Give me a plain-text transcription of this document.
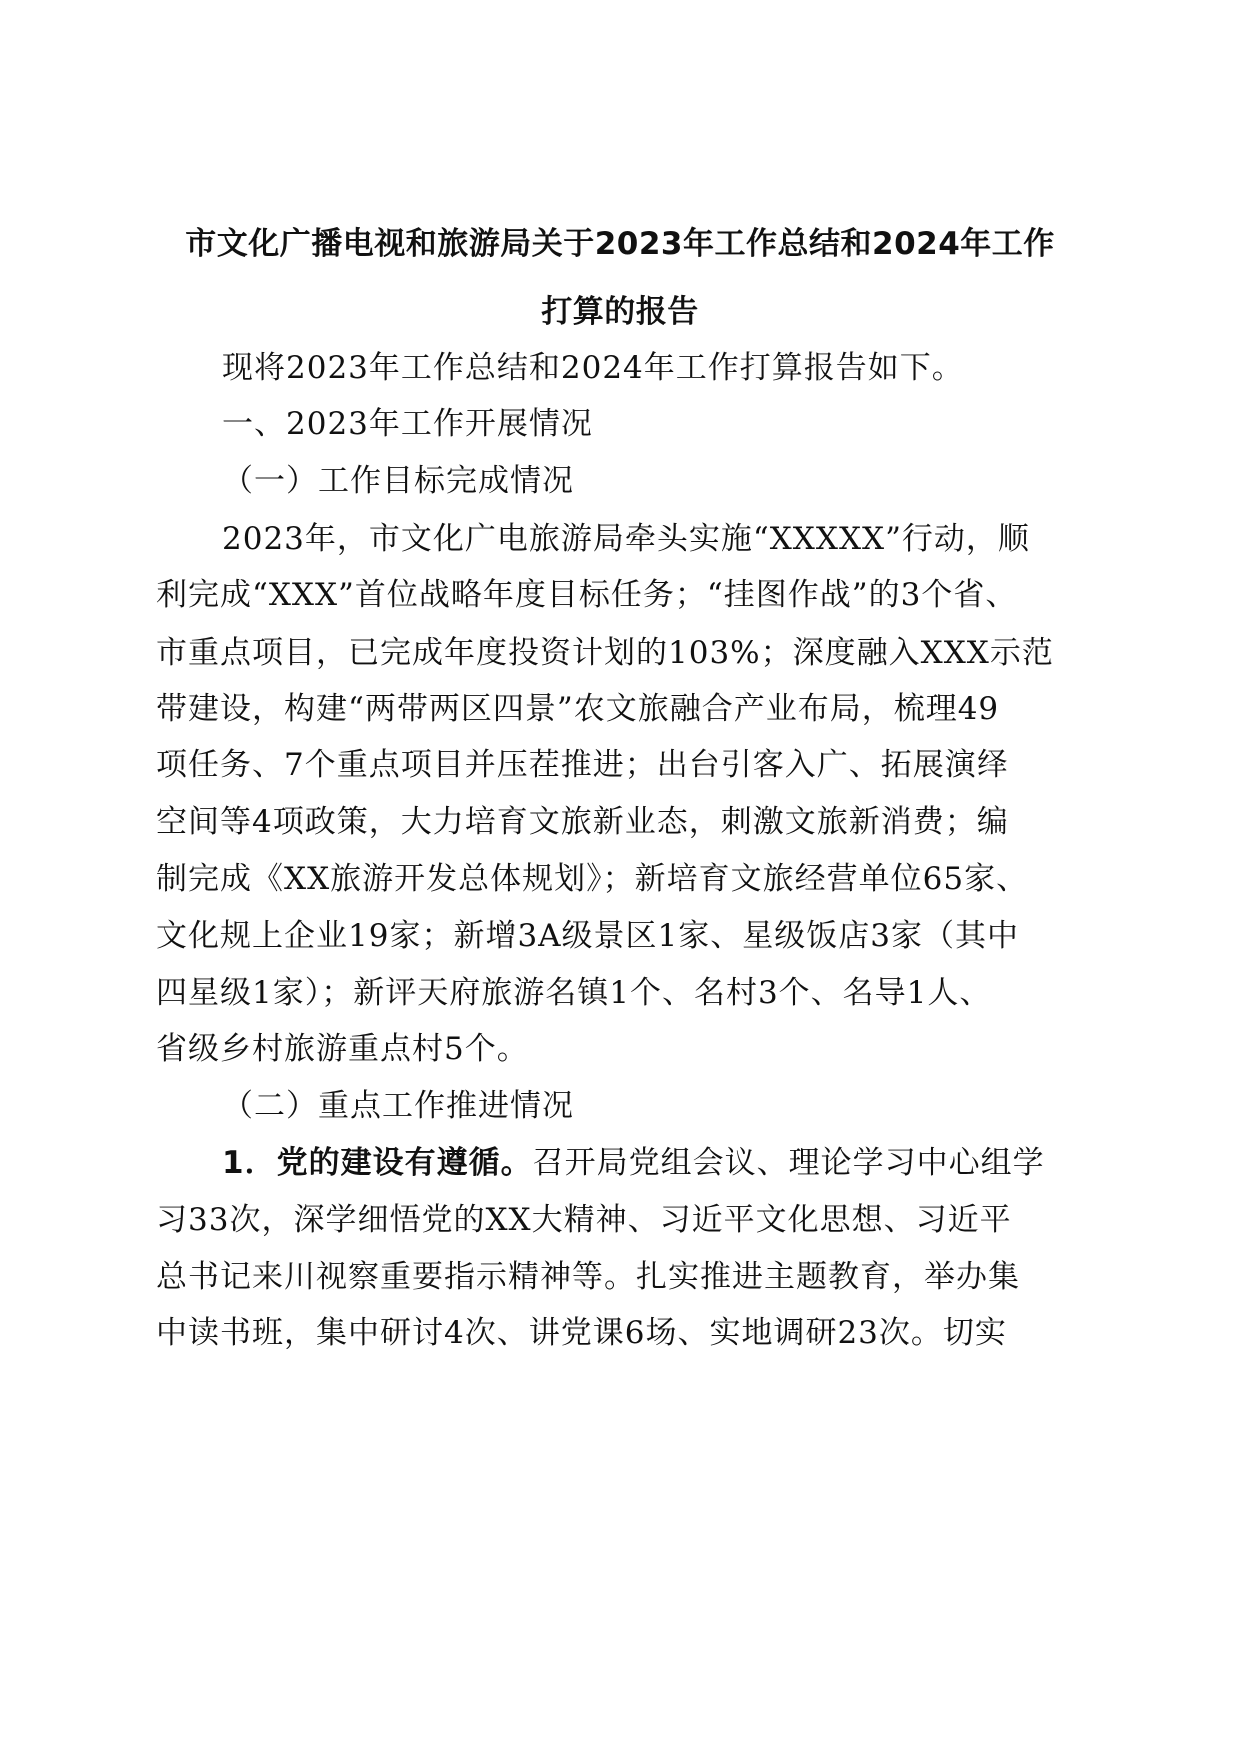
市文化广播电视和旅游局关于2023年工作总结和2024年工作
打算的报告
现将2023年工作总结和2024年工作打算报告如下。
一、2023年工作开展情况
（一）工作目标完成情况
2023年，市文化广电旅游局牵头实施“XXXXX”行动，顺
利完成“XXX”首位战略年度目标任务；“挂图作战”的3个省、
市重点项目，已完成年度投资计划的103%；深度融入XXX示范
带建设，构建“两带两区四景”农文旅融合产业布局，梳理49
项任务、7个重点项目并压茬推进；出台引客入广、拓展演绎
空间等4项政策，大力培育文旅新业态，刺激文旅新消费；编
制完成《XX旅游开发总体规划》；新培育文旅经营单位65家、
文化规上企业19家；新增3A级景区1家、星级饭店3家（其中
四星级1家）；新评天府旅游名镇1个、名村3个、名导1人、
省级乡村旅游重点村5个。
（二）重点工作推进情况
1．党的建设有遵循。召开局党组会议、理论学习中心组学
习33次，深学细悟党的XX大精神、习近平文化思想、习近平
总书记来川视察重要指示精神等。扎实推进主题教育，举办集
中读书班，集中研讨4次、讲党课6场、实地调研23次。切实
